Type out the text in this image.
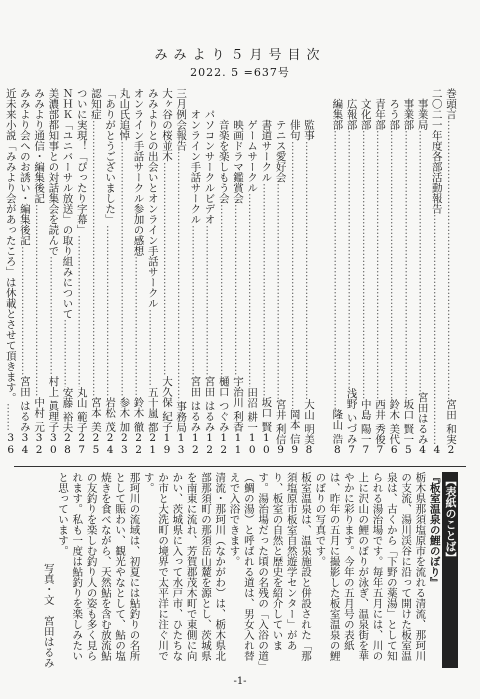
みみより５月号目次
2022. 5 =637号
巻頭言
…………………………………………………………………………………………………………………………
宮田 和実
2
二〇二一年度各部活動報告
…………………………………………………………………………………………………………………………
4
　事業局
…………………………………………………………………………………………………………………………
宮田はるみ
4
　事業部
…………………………………………………………………………………………………………………………
坂口 賢一
5
　ろう部
…………………………………………………………………………………………………………………………
鈴木 美代
6
　青年部
…………………………………………………………………………………………………………………………
西井 秀俊
7
　文化部
…………………………………………………………………………………………………………………………
中島 陽一
7
　広報部
…………………………………………………………………………………………………………………………
浅野 いづみ
7
　編集部
…………………………………………………………………………………………………………………………
隆山 浩
8

　　　監事
…………………………………………………………………………………………………………………………
大山 明美
8
　　　俳句
…………………………………………………………………………………………………………………………
岡本 信
9
　　　テニス愛好会
…………………………………………………………………………………………………………………………
宮井 利信
9
　　　書道サークル
…………………………………………………………………………………………………………………………
坂口 賢
10
　　　ゲームサークル
…………………………………………………………………………………………………………………………
田沼 耕一
10
　　　映画ドラマ鑑賞会
…………………………………………………………………………………………………………………………
宇治川 利香
11
　　　音楽を楽しもう会
…………………………………………………………………………………………………………………………
樋口 つぐみ
12
　　パソコンサークルビデオ
…………………………………………………………………………………………………………………………
宮田 はるみ
12
　　オンライン手話サークル
…………………………………………………………………………………………………………………………
宮田 はるみ
12
三月例会報告
…………………………………………………………………………………………………………………………
事務局
13
大ヶ谷の桜並木
…………………………………………………………………………………………………………………………
大久保 紀子
19
みみよりとの出会いとオンライン手話サークル
…………………………………………………………………………………………………………………………
五十嵐 都
21
オンライン手話サークル参加の感想
…………………………………………………………………………………………………………………………
鈴木 徹
22
丸山氏追悼
…………………………………………………………………………………………………………………………
参木 加
23
「ありがとうございました」
…………………………………………………………………………………………………………………………
岩松 茂
24
認知症
…………………………………………………………………………………………………………………………
宮本 美
25
ついに実現！「ぴったり字幕」
…………………………………………………………………………………………………………………………
丸山 範子
27
ＮＨＫ「ユニバーサル放送」の取り組みについて
…………………………………………………………………………………………………………………………
安藤 裕夫
28
美濃部都知事との対話集会を読んで
…………………………………………………………………………………………………………………………
村上 眞理子
30
みみより通信・編集後記
…………………………………………………………………………………………………………………………
中村 元
32
みみより会へのお誘い・編集後記
…………………………………………………………………………………………………………………………
宮田 はるみ
34
近未来小説「みみより会があったころ」は休載とさせて頂きます。
…………………………………………………………………………………………………………………………
36
【表紙のことば】
『板室温泉の鯉のぼり』
栃木県那須塩原市を流れる清流、那珂川の支流、湯川渓谷に沿って開けた板室温泉は、古くから「下野の薬湯」として知られる湯治場です。毎年五月には、川の上に沢山の鯉のぼりが泳ぎ、温泉街を華やかに彩ります。今年の五月号の表紙は、昨年の五月に撮影した板室温泉の鯉のぼりの写真です。
板室温泉は、温泉施設と併設された「那須塩原市板室自然遊学センター」があり、板室の自然と歴史を紹介しています。湯治場だった頃の名残の「入浴の道」（鯛の湯）と呼ばれる道は、男女入れ替えで入浴できます。
清流・那珂川（なかがわ）は、栃木県北部那須町の那須岳山麓を源とし、茨城県を南東に流れ、芳賀郡茂木町で東側に向かい、茨城県に入って水戸市、ひたちなか市と大洗町の境界で太平洋に注ぐ川です。
那珂川の流域は、初夏には鮎釣りの名所として賑わい、観光やなとして、鮎の塩焼きを食べながら、天然鮎を含む放流鮎の友釣りを楽しむ釣り人の姿も多く見られます。私も一度は鮎釣りを楽しみたいと思っています。
写真・文　宮田はるみ
-1-
